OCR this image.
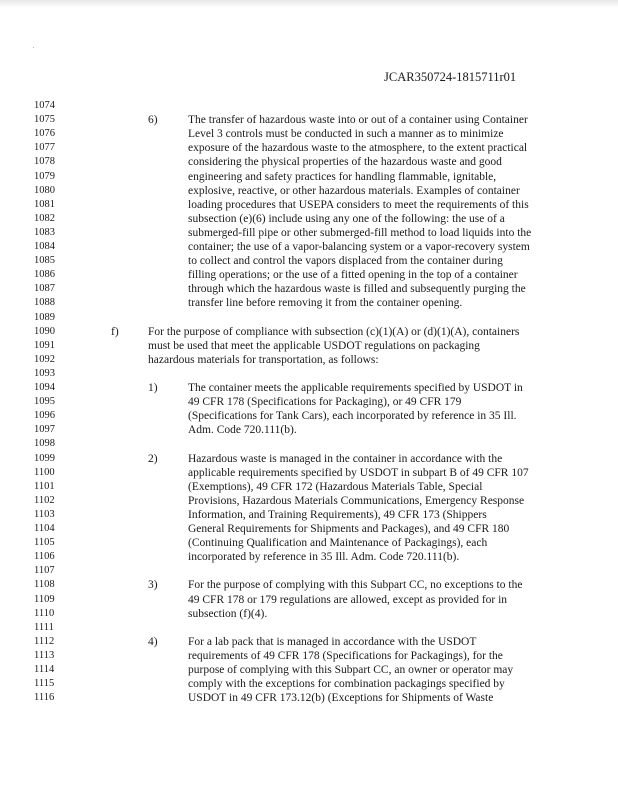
JCAR350724-1815711r01
1074
1075
1076
1077
1078
1079
1080
1081
1082
1083
1084
1085
1086
1087
1088
1089
1090
1091
1092
1093
1094
1095
1096
1097
1098
1099
1100
1101
1102
1103
1104
1105
1106
1107
1108
1109
1110
1111
1112
1113
1114
1115
1116
6)	The transfer of hazardous waste into or out of a container using Container
Level 3 controls must be conducted in such a manner as to minimize
exposure of the hazardous waste to the atmosphere, to the extent practical
considering the physical properties of the hazardous waste and good
engineering and safety practices for handling flammable, ignitable,
explosive, reactive, or other hazardous materials. Examples of container
loading procedures that USEPA considers to meet the requirements of this
subsection (e)(6) include using any one of the following: the use of a
submerged-fill pipe or other submerged-fill method to load liquids into the
container; the use of a vapor-balancing system or a vapor-recovery system
to collect and control the vapors displaced from the container during
filling operations; or the use of a fitted opening in the top of a container
through which the hazardous waste is filled and subsequently purging the
transfer line before removing it from the container opening.
f)	For the purpose of compliance with subsection (c)(1)(A) or (d)(1)(A), containers
must be used that meet the applicable USDOT regulations on packaging
hazardous materials for transportation, as follows:
1)	The container meets the applicable requirements specified by USDOT in
49 CFR 178 (Specifications for Packaging), or 49 CFR 179
(Specifications for Tank Cars), each incorporated by reference in 35 Ill.
Adm. Code 720.111(b).
2)	Hazardous waste is managed in the container in accordance with the
applicable requirements specified by USDOT in subpart B of 49 CFR 107
(Exemptions), 49 CFR 172 (Hazardous Materials Table, Special
Provisions, Hazardous Materials Communications, Emergency Response
Information, and Training Requirements), 49 CFR 173 (Shippers
General Requirements for Shipments and Packages), and 49 CFR 180
(Continuing Qualification and Maintenance of Packagings), each
incorporated by reference in 35 Ill. Adm. Code 720.111(b).
3)	For the purpose of complying with this Subpart CC, no exceptions to the
49 CFR 178 or 179 regulations are allowed, except as provided for in
subsection (f)(4).
4)	For a lab pack that is managed in accordance with the USDOT
requirements of 49 CFR 178 (Specifications for Packagings), for the
purpose of complying with this Subpart CC, an owner or operator may
comply with the exceptions for combination packagings specified by
USDOT in 49 CFR 173.12(b) (Exceptions for Shipments of Waste
